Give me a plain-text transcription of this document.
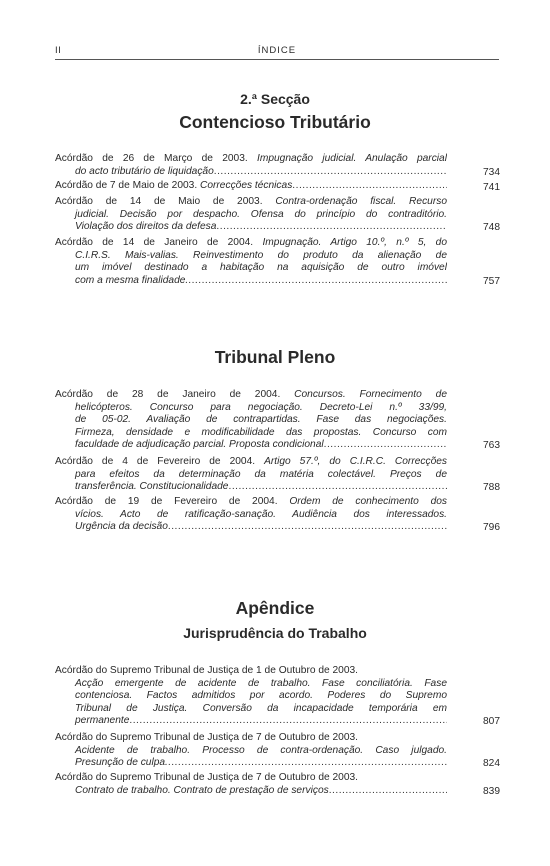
II	ÍNDICE
2.ª Secção
Contencioso Tributário
Acórdão de 26 de Março de 2003. Impugnação judicial. Anulação parcial
do acto tributário de liquidação .....	734
Acórdão de 7 de Maio de 2003. Correcções técnicas .....	741
Acórdão de 14 de Maio de 2003. Contra-ordenação fiscal. Recurso
judicial. Decisão por despacho. Ofensa do princípio do contraditório.
Violação dos direitos da defesa .....	748
Acórdão de 14 de Janeiro de 2004. Impugnação. Artigo 10.º, n.º 5, do
C.I.R.S. Mais-valias. Reinvestimento do produto da alienação de
um imóvel destinado a habitação na aquisição de outro imóvel
com a mesma finalidade. .....	757
Tribunal Pleno
Acórdão de 28 de Janeiro de 2004. Concursos. Fornecimento de
helicópteros. Concurso para negociação. Decreto-Lei n.º 33/99,
de 05-02. Avaliação de contrapartidas. Fase das negociações.
Firmeza, densidade e modificabilidade das propostas. Concurso com
faculdade de adjudicação parcial. Proposta condicional .....	763
Acórdão de 4 de Fevereiro de 2004. Artigo 57.º, do C.I.R.C. Correcções
para efeitos da determinação da matéria colectável. Preços de
transferência. Constitucionalidade .....	788
Acórdão de 19 de Fevereiro de 2004. Ordem de conhecimento dos
vícios. Acto de ratificação-sanação. Audiência dos interessados.
Urgência da decisão .....	796
Apêndice
Jurisprudência do Trabalho
Acórdão do Supremo Tribunal de Justiça de 1 de Outubro de 2003.
Acção emergente de acidente de trabalho. Fase conciliatória. Fase
contenciosa. Factos admitidos por acordo. Poderes do Supremo
Tribunal de Justiça. Conversão da incapacidade temporária em
permanente .....	807
Acórdão do Supremo Tribunal de Justiça de 7 de Outubro de 2003.
Acidente de trabalho. Processo de contra-ordenação. Caso julgado.
Presunção de culpa. .....	824
Acórdão do Supremo Tribunal de Justiça de 7 de Outubro de 2003.
Contrato de trabalho. Contrato de prestação de serviços .....	839
